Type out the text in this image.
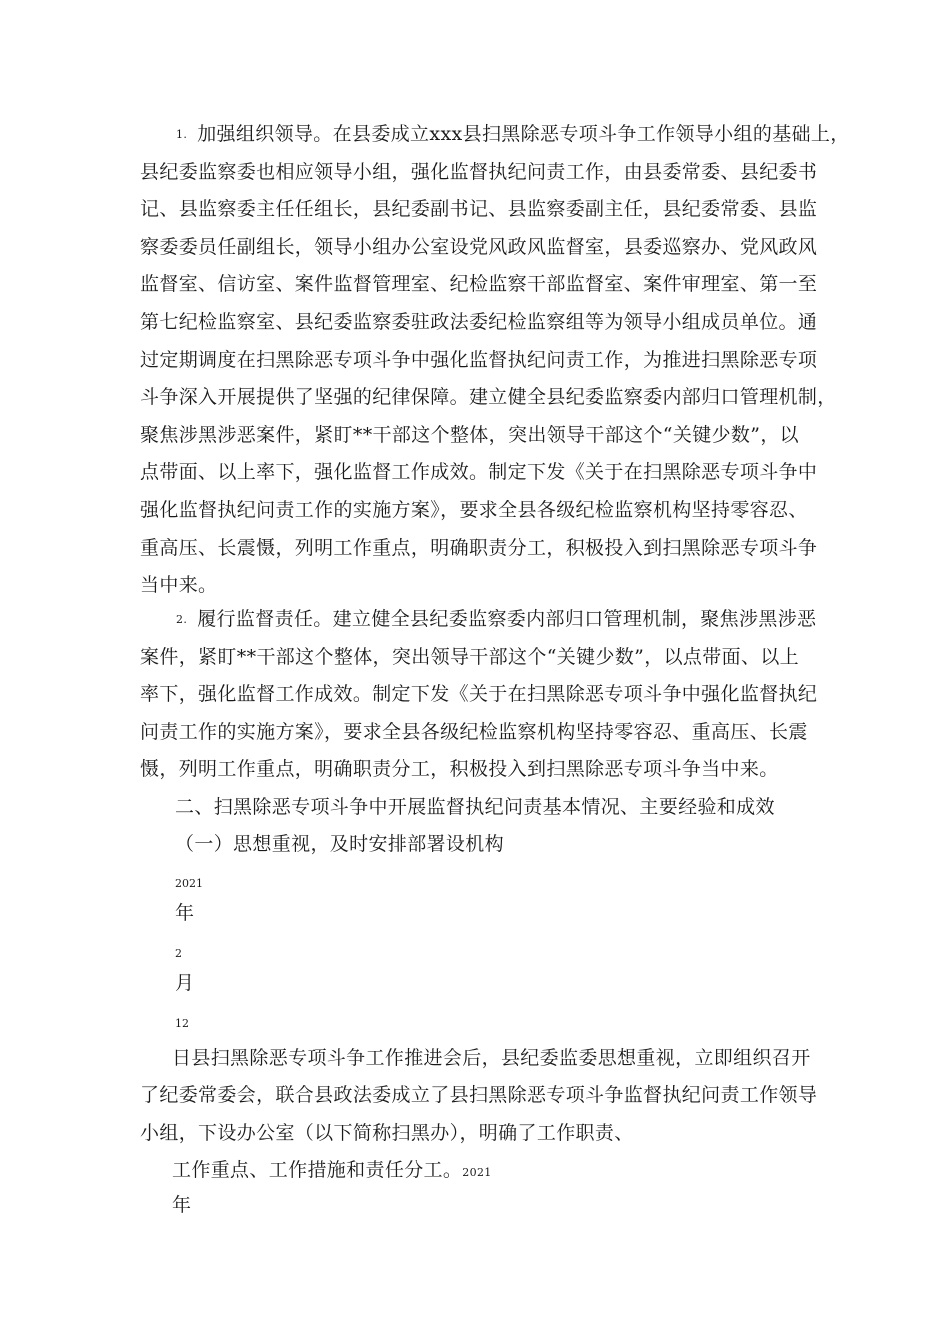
1. 加强组织领导。在县委成立xxx县扫黑除恶专项斗争工作领导小组的基础上，
县纪委监察委也相应领导小组，强化监督执纪问责工作，由县委常委、县纪委书
记、县监察委主任任组长，县纪委副书记、县监察委副主任，县纪委常委、县监
察委委员任副组长，领导小组办公室设党风政风监督室，县委巡察办、党风政风
监督室、信访室、案件监督管理室、纪检监察干部监督室、案件审理室、第一至
第七纪检监察室、县纪委监察委驻政法委纪检监察组等为领导小组成员单位。通
过定期调度在扫黑除恶专项斗争中强化监督执纪问责工作，为推进扫黑除恶专项
斗争深入开展提供了坚强的纪律保障。建立健全县纪委监察委内部归口管理机制，
聚焦涉黑涉恶案件，紧盯**干部这个整体，突出领导干部这个“关键少数”，以
点带面、以上率下，强化监督工作成效。制定下发《关于在扫黑除恶专项斗争中
强化监督执纪问责工作的实施方案》，要求全县各级纪检监察机构坚持零容忍、
重高压、长震慑，列明工作重点，明确职责分工，积极投入到扫黑除恶专项斗争
当中来。
2. 履行监督责任。建立健全县纪委监察委内部归口管理机制，聚焦涉黑涉恶
案件，紧盯**干部这个整体，突出领导干部这个“关键少数”，以点带面、以上
率下，强化监督工作成效。制定下发《关于在扫黑除恶专项斗争中强化监督执纪
问责工作的实施方案》，要求全县各级纪检监察机构坚持零容忍、重高压、长震
慑，列明工作重点，明确职责分工，积极投入到扫黑除恶专项斗争当中来。

二、扫黑除恶专项斗争中开展监督执纪问责基本情况、主要经验和成效

（一）思想重视，及时安排部署设机构

2021

年

2

月

12

日县扫黑除恶专项斗争工作推进会后，县纪委监委思想重视，立即组织召开
了纪委常委会，联合县政法委成立了县扫黑除恶专项斗争监督执纪问责工作领导
小组，下设办公室（以下简称扫黑办），明确了工作职责、

工作重点、工作措施和责任分工。2021

年
